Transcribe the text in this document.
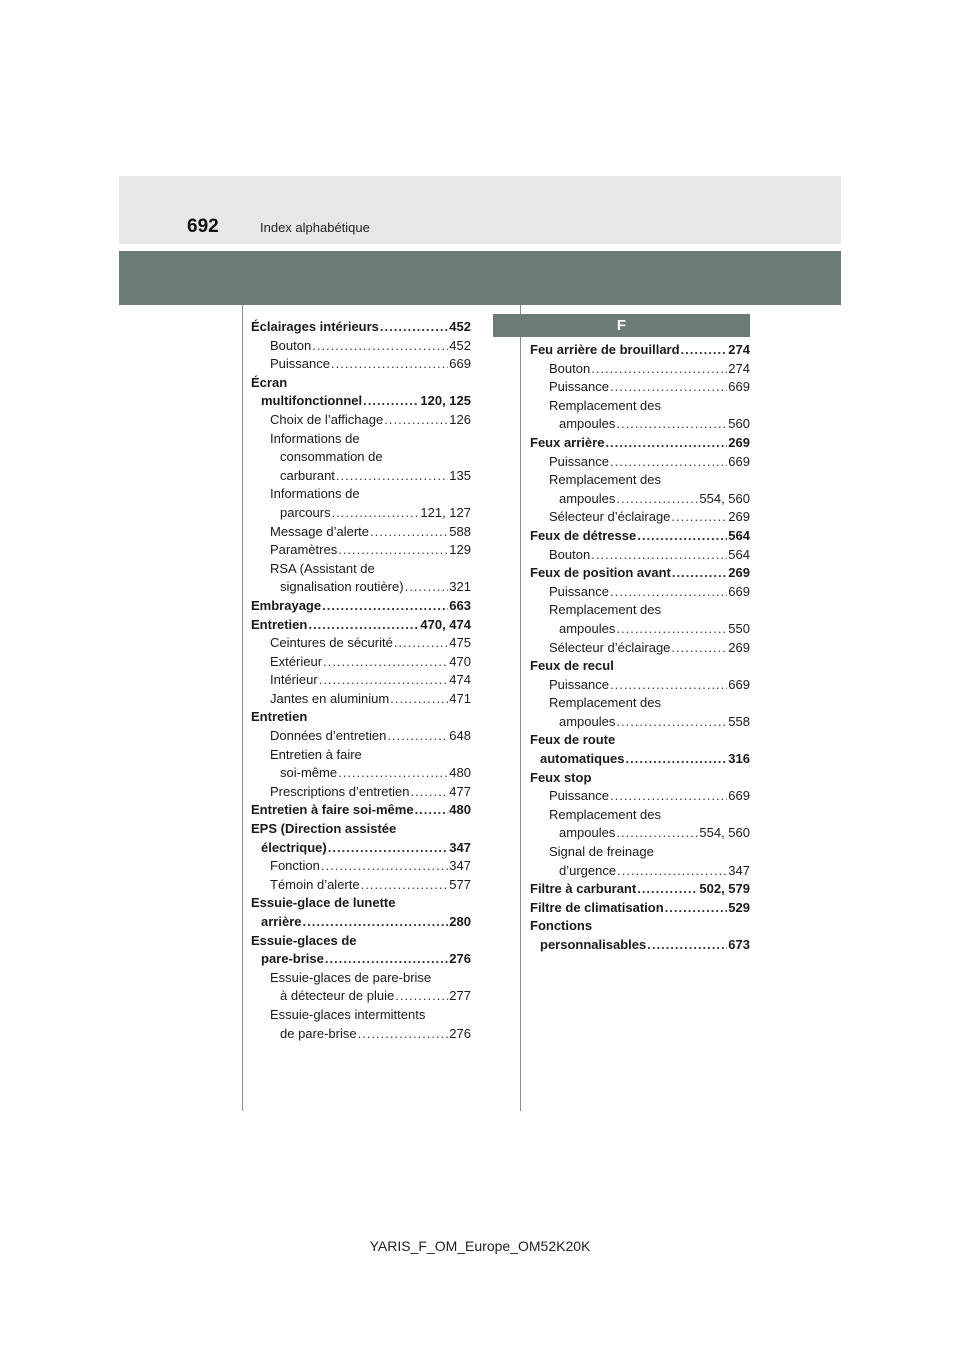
692	Index alphabétique
F
Éclairages intérieurs .....	452
Bouton .....	452
Puissance .....	669
Écran
multifonctionnel .....	120, 125
Choix de l’affichage .....	126
Informations de
consommation de
carburant .....	135
Informations de
parcours .....	121, 127
Message d’alerte .....	588
Paramètres .....	129
RSA (Assistant de
signalisation routière) .....	321
Embrayage .....	663
Entretien .....	470, 474
Ceintures de sécurité .....	475
Extérieur .....	470
Intérieur .....	474
Jantes en aluminium .....	471
Entretien
Données d’entretien .....	648
Entretien à faire
soi-même .....	480
Prescriptions d’entretien .....	477
Entretien à faire soi-même .....	480
EPS (Direction assistée
électrique) .....	347
Fonction .....	347
Témoin d’alerte .....	577
Essuie-glace de lunette
arrière .....	280
Essuie-glaces de
pare-brise .....	276
Essuie-glaces de pare-brise
à détecteur de pluie .....	277
Essuie-glaces intermittents
de pare-brise .....	276
Feu arrière de brouillard .....	274
Bouton .....	274
Puissance .....	669
Remplacement des
ampoules .....	560
Feux arrière .....	269
Puissance .....	669
Remplacement des
ampoules .....	554, 560
Sélecteur d’éclairage .....	269
Feux de détresse .....	564
Bouton .....	564
Feux de position avant .....	269
Puissance .....	669
Remplacement des
ampoules .....	550
Sélecteur d’éclairage .....	269
Feux de recul
Puissance .....	669
Remplacement des
ampoules .....	558
Feux de route
automatiques .....	316
Feux stop
Puissance .....	669
Remplacement des
ampoules .....	554, 560
Signal de freinage
d’urgence .....	347
Filtre à carburant .....	502, 579
Filtre de climatisation .....	529
Fonctions
personnalisables .....	673
YARIS_F_OM_Europe_OM52K20K
